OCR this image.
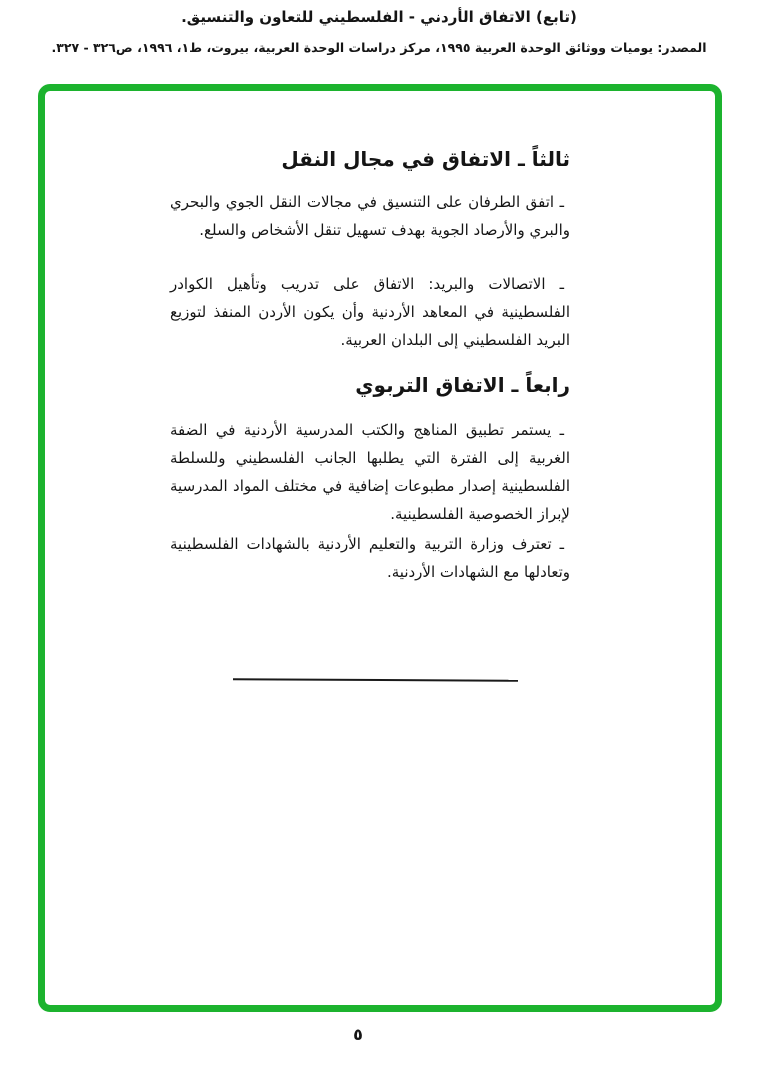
(تابع) الاتفاق الأردني - الفلسطيني للتعاون والتنسيق.
المصدر: يوميات ووثائق الوحدة العربية ١٩٩٥، مركز دراسات الوحدة العربية، بيروت، ط١، ١٩٩٦، ص٣٢٦ - ٣٢٧.
ثالثاً ـ الاتفاق في مجال النقل

ـ اتفق الطرفان على التنسيق في مجالات النقل الجوي والبحري والبري والأرصاد الجوية بهدف تسهيل تنقل الأشخاص والسلع.

ـ الاتصالات والبريد: الاتفاق على تدريب وتأهيل الكوادر الفلسطينية في المعاهد الأردنية وأن يكون الأردن المنفذ لتوزيع البريد الفلسطيني إلى البلدان العربية.

رابعاً ـ الاتفاق التربوي

ـ يستمر تطبيق المناهج والكتب المدرسية الأردنية في الضفة الغربية إلى الفترة التي يطلبها الجانب الفلسطيني وللسلطة الفلسطينية إصدار مطبوعات إضافية في مختلف المواد المدرسية لإبراز الخصوصية الفلسطينية.

ـ تعترف وزارة التربية والتعليم الأردنية بالشهادات الفلسطينية وتعادلها مع الشهادات الأردنية.

٥
